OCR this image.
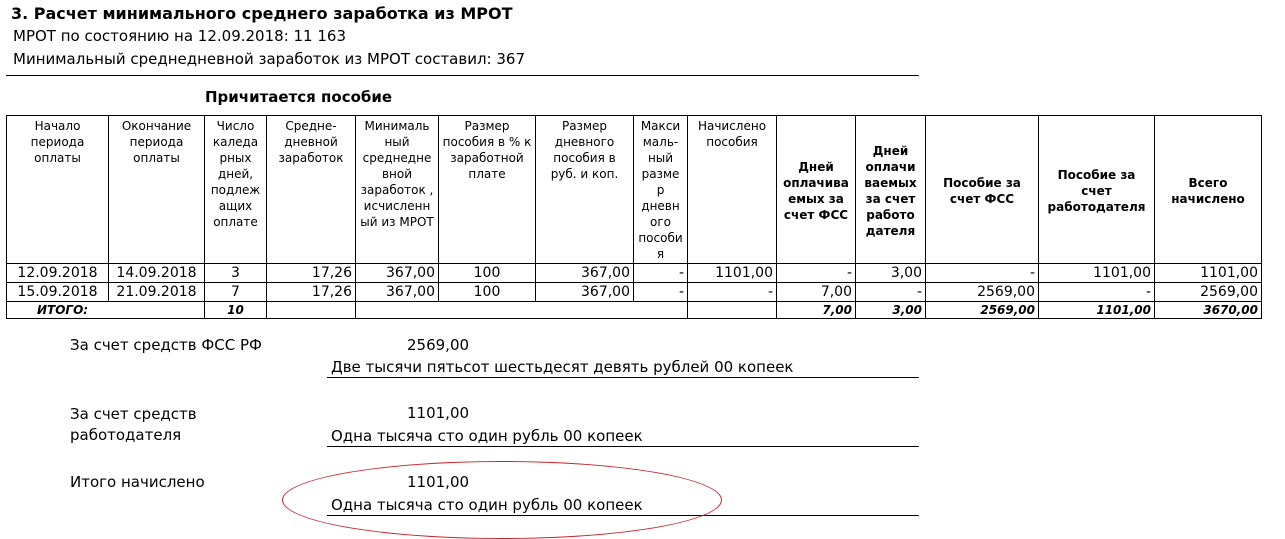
3. Расчет минимального среднего заработка из МРОТ
МРОТ по состоянию на 12.09.2018: 11 163
Минимальный среднедневной заработок из МРОТ составил: 367
Причитается пособие
Начало периода оплаты	Окончание периода оплаты	Число каледа рных дней, подлеж ащих оплате	Средне- дневной заработок	Минималь ный среднедне вной заработок , исчисленн ый из МРОТ	Размер пособия в % к заработной плате	Размер дневного пособия в руб. и коп.	Макси маль- ный разме р дневн ого пособи я	Начислено пособия	Дней оплачива емых за счет ФСС	Дней оплачи ваемых за счет работо дателя	Пособие за счет ФСС	Пособие за счет работодателя	Всего начислено
12.09.2018	14.09.2018	3	17,26	367,00	100	367,00	-	1101,00	-	3,00	-	1101,00	1101,00
15.09.2018	21.09.2018	7	17,26	367,00	100	367,00	-	-	7,00	-	2569,00	-	2569,00
ИТОГО:		10							7,00	3,00	2569,00	1101,00	3670,00
За счет средств ФСС РФ	2569,00
Две тысячи пятьсот шестьдесят девять рублей 00 копеек
За счет средств работодателя
1101,00
Одна тысяча сто один рубль 00 копеек
Итого начислено	1101,00
Одна тысяча сто один рубль 00 копеек
